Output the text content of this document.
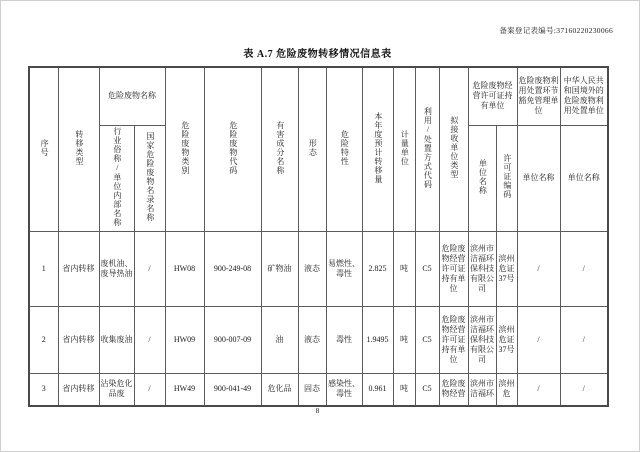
备案登记表编号:37160220230066
表 A.7 危险废物转移情况信息表
序号	转移类型	危险废物名称		危险废物类别	危险废物代码	有害成分名称	形态	危险特性	本年度预计转移量	计量单位	利用/处置方式代码	拟接收单位类型	危险废物经营许可证持有单位		危险废物利用处置环节豁免管理单位	中华人民共和国境外的危险废物利用处置单位
		行业俗称/单位内部名称	国家危险废物名录名称										单位名称	许可证编码	单位名称	单位名称
1	省内转移	废机油、废导热油	/	HW08	900-249-08	矿物油	液态	易燃性、毒性	2.825	吨	C5	危险废物经营许可证持有单位	滨州市洁福环保科技有限公司	滨州危证37号	/	/
2	省内转移	收集废油	/	HW09	900-007-09	油	液态	毒性	1.9495	吨	C5	危险废物经营许可证持有单位	滨州市洁福环保科技有限公司	滨州危证37号	/	/
3	省内转移	沾染危化品废	/	HW49	900-041-49	危化品	固态	感染性、毒性	0.961	吨	C5	危险废物经营	滨州市洁福环	滨州危	/	/
8
